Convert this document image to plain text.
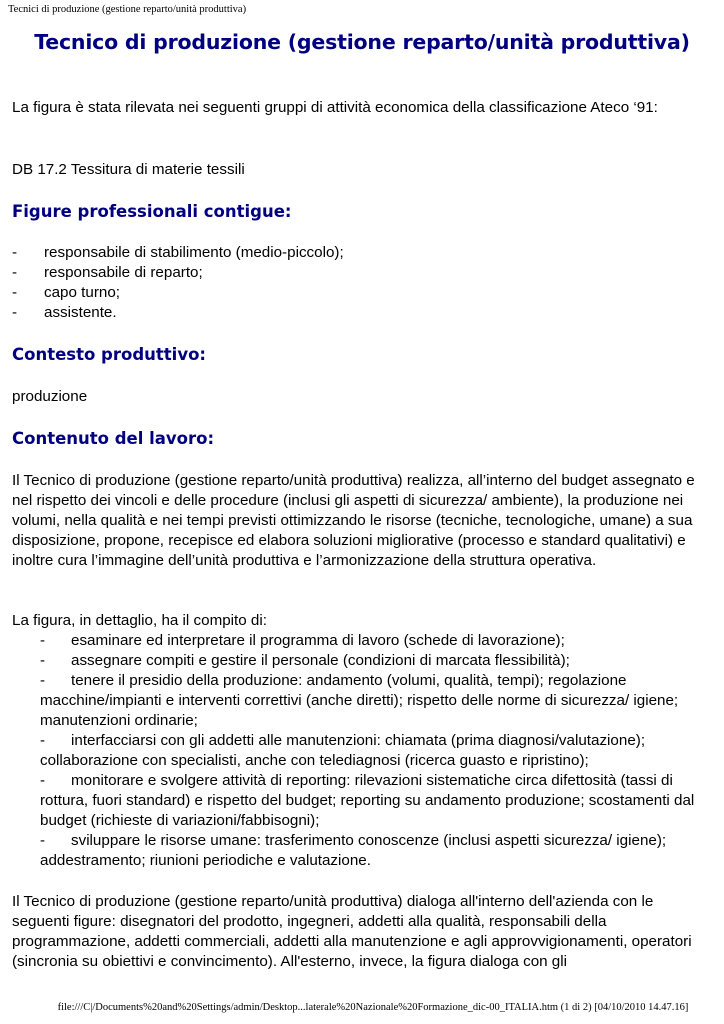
Tecnici di produzione (gestione reparto/unità produttiva)
Tecnico di produzione (gestione reparto/unità produttiva)

La figura è stata rilevata nei seguenti gruppi di attività economica della classificazione Ateco ‘91:

DB 17.2 Tessitura di materie tessili

Figure professionali contigue:
- responsabile di stabilimento (medio-piccolo);
- responsabile di reparto;
- capo turno;
- assistente.
Contesto produttivo:

produzione

Contenuto del lavoro:

Il Tecnico di produzione (gestione reparto/unità produttiva) realizza, all’interno del budget assegnato e nel rispetto dei vincoli e delle procedure (inclusi gli aspetti di sicurezza/ ambiente), la produzione nei volumi, nella qualità e nei tempi previsti ottimizzando le risorse (tecniche, tecnologiche, umane) a sua disposizione, propone, recepisce ed elabora soluzioni migliorative (processo e standard qualitativi) e inoltre cura l’immagine dell’unità produttiva e l’armonizzazione della struttura operativa.

La figura, in dettaglio, ha il compito di:

- esaminare ed interpretare il programma di lavoro (schede di lavorazione);
- assegnare compiti e gestire il personale (condizioni di marcata flessibilità);
- tenere il presidio della produzione: andamento (volumi, qualità, tempi); regolazione macchine/impianti e interventi correttivi (anche diretti); rispetto delle norme di sicurezza/ igiene; manutenzioni ordinarie;
- interfacciarsi con gli addetti alle manutenzioni: chiamata (prima diagnosi/valutazione); collaborazione con specialisti, anche con telediagnosi (ricerca guasto e ripristino);
- monitorare e svolgere attività di reporting: rilevazioni sistematiche circa difettosità (tassi di rottura, fuori standard) e rispetto del budget; reporting su andamento produzione; scostamenti dal budget (richieste di variazioni/fabbisogni);
- sviluppare le risorse umane: trasferimento conoscenze (inclusi aspetti sicurezza/ igiene); addestramento; riunioni periodiche e valutazione.

Il Tecnico di produzione (gestione reparto/unità produttiva) dialoga all'interno dell'azienda con le seguenti figure: disegnatori del prodotto, ingegneri, addetti alla qualità, responsabili della programmazione, addetti commerciali, addetti alla manutenzione e agli approvvigionamenti, operatori (sincronia su obiettivi e convincimento). All'esterno, invece, la figura dialoga con gli

file:///C|/Documents%20and%20Settings/admin/Desktop...laterale%20Nazionale%20Formazione_dic-00_ITALIA.htm (1 di 2) [04/10/2010 14.47.16]
